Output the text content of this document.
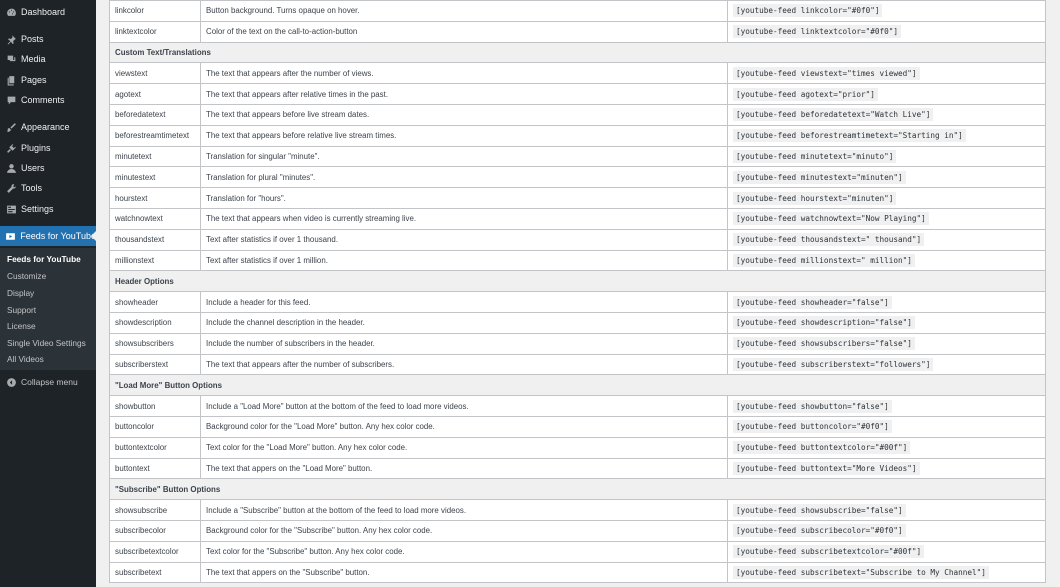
Dashboard
Posts
Media
Pages
Comments
Appearance
Plugins
Users
Tools
Settings
Feeds for YouTube
Feeds for YouTube
Customize
Display
Support
License
Single Video Settings
All Videos
Collapse menu
linkcolor	Button background. Turns opaque on hover.	[youtube-feed linkcolor="#0f0"]
linktextcolor	Color of the text on the call-to-action-button	[youtube-feed linktextcolor="#0f0"]
Custom Text/Translations		
viewstext	The text that appears after the number of views.	[youtube-feed viewstext="times viewed"]
agotext	The text that appears after relative times in the past.	[youtube-feed agotext="prior"]
beforedatetext	The text that appears before live stream dates.	[youtube-feed beforedatetext="Watch Live"]
beforestreamtimetext	The text that appears before relative live stream times.	[youtube-feed beforestreamtimetext="Starting in"]
minutetext	Translation for singular "minute".	[youtube-feed minutetext="minuto"]
minutestext	Translation for plural "minutes".	[youtube-feed minutestext="minuten"]
hourstext	Translation for "hours".	[youtube-feed hourstext="minuten"]
watchnowtext	The text that appears when video is currently streaming live.	[youtube-feed watchnowtext="Now Playing"]
thousandstext	Text after statistics if over 1 thousand.	[youtube-feed thousandstext=" thousand"]
millionstext	Text after statistics if over 1 million.	[youtube-feed millionstext=" million"]
Header Options		
showheader	Include a header for this feed.	[youtube-feed showheader="false"]
showdescription	Include the channel description in the header.	[youtube-feed showdescription="false"]
showsubscribers	Include the number of subscribers in the header.	[youtube-feed showsubscribers="false"]
subscriberstext	The text that appears after the number of subscribers.	[youtube-feed subscriberstext="followers"]
"Load More" Button Options		
showbutton	Include a "Load More" button at the bottom of the feed to load more videos.	[youtube-feed showbutton="false"]
buttoncolor	Background color for the "Load More" button. Any hex color code.	[youtube-feed buttoncolor="#0f0"]
buttontextcolor	Text color for the "Load More" button. Any hex color code.	[youtube-feed buttontextcolor="#00f"]
buttontext	The text that appers on the "Load More" button.	[youtube-feed buttontext="More Videos"]
"Subscribe" Button Options		
showsubscribe	Include a "Subscribe" button at the bottom of the feed to load more videos.	[youtube-feed showsubscribe="false"]
subscribecolor	Background color for the "Subscribe" button. Any hex color code.	[youtube-feed subscribecolor="#0f0"]
subscribetextcolor	Text color for the "Subscribe" button. Any hex color code.	[youtube-feed subscribetextcolor="#00f"]
subscribetext	The text that appers on the "Subscribe" button.	[youtube-feed subscribetext="Subscribe to My Channel"]
